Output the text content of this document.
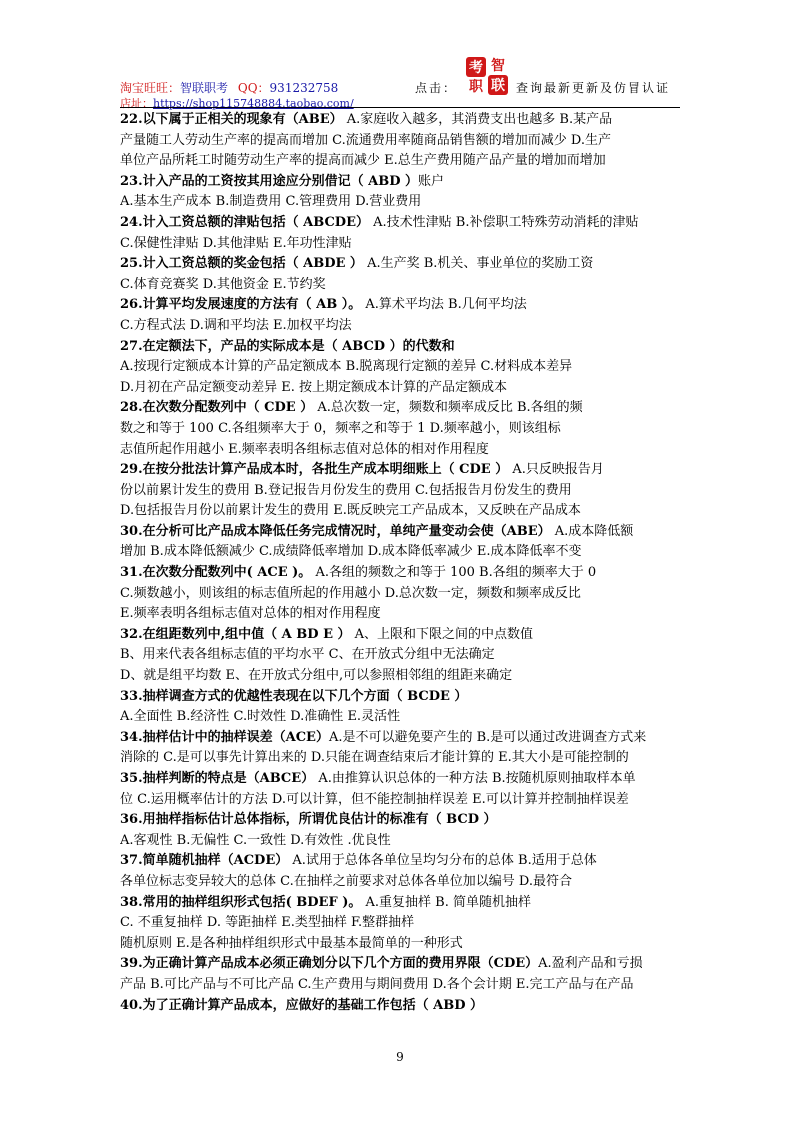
淘宝旺旺：智联职考 QQ：931232758	点击：
考 智
职 联 查询最新更新及仿冒认证
店址：https://shop115748884.taobao.com/
22.以下属于正相关的现象有（ABE） A.家庭收入越多，其消费支出也越多 B.某产品
产量随工人劳动生产率的提高而增加 C.流通费用率随商品销售额的增加而减少 D.生产
单位产品所耗工时随劳动生产率的提高而减少 E.总生产费用随产品产量的增加而增加
23.计入产品的工资按其用途应分别借记（ ABD ）账户
A.基本生产成本 B.制造费用 C.管理费用 D.营业费用
24.计入工资总额的津贴包括（ ABCDE） A.技术性津贴 B.补偿职工特殊劳动消耗的津贴
C.保健性津贴 D.其他津贴 E.年功性津贴
25.计入工资总额的奖金包括（ ABDE ） A.生产奖 B.机关、事业单位的奖励工资
C.体育竞赛奖 D.其他资金 E.节约奖
26.计算平均发展速度的方法有（ AB ）。 A.算术平均法 B.几何平均法
C.方程式法 D.调和平均法 E.加权平均法
27.在定额法下，产品的实际成本是（ ABCD ）的代数和
A.按现行定额成本计算的产品定额成本 B.脱离现行定额的差异 C.材料成本差异
D.月初在产品定额变动差异 E. 按上期定额成本计算的产品定额成本
28.在次数分配数列中（ CDE ） A.总次数一定，频数和频率成反比 B.各组的频
数之和等于 100 C.各组频率大于 0，频率之和等于 1 D.频率越小，则该组标
志值所起作用越小 E.频率表明各组标志值对总体的相对作用程度
29.在按分批法计算产品成本时，各批生产成本明细账上（ CDE ） A.只反映报告月
份以前累计发生的费用 B.登记报告月份发生的费用 C.包括报告月份发生的费用
D.包括报告月份以前累计发生的费用 E.既反映完工产品成本，又反映在产品成本
30.在分析可比产品成本降低任务完成情况时，单纯产量变动会使（ABE） A.成本降低额
增加 B.成本降低额减少 C.成绩降低率增加 D.成本降低率减少 E.成本降低率不变
31.在次数分配数列中( ACE )。 A.各组的频数之和等于 100 B.各组的频率大于 0
C.频数越小，则该组的标志值所起的作用越小 D.总次数一定，频数和频率成反比
E.频率表明各组标志值对总体的相对作用程度
32.在组距数列中,组中值（ A BD E ） A、上限和下限之间的中点数值
B、用来代表各组标志值的平均水平 C、在开放式分组中无法确定
D、就是组平均数 E、在开放式分组中,可以参照相邻组的组距来确定
33.抽样调查方式的优越性表现在以下几个方面（ BCDE ）
A.全面性 B.经济性 C.时效性 D.准确性 E.灵活性
34.抽样估计中的抽样误差（ACE）A.是不可以避免要产生的 B.是可以通过改进调查方式来
消除的 C.是可以事先计算出来的 D.只能在调查结束后才能计算的 E.其大小是可能控制的
35.抽样判断的特点是（ABCE） A.由推算认识总体的一种方法 B.按随机原则抽取样本单
位 C.运用概率估计的方法 D.可以计算，但不能控制抽样误差 E.可以计算并控制抽样误差
36.用抽样指标估计总体指标，所谓优良估计的标准有（ BCD ）
A.客观性 B.无偏性 C.一致性 D.有效性 .优良性
37.简单随机抽样（ACDE） A.试用于总体各单位呈均匀分布的总体 B.适用于总体
各单位标志变异较大的总体 C.在抽样之前要求对总体各单位加以编号 D.最符合
38.常用的抽样组织形式包括( BDEF )。 A.重复抽样 B. 简单随机抽样
C. 不重复抽样 D. 等距抽样 E.类型抽样 F.整群抽样
随机原则 E.是各种抽样组织形式中最基本最简单的一种形式
39.为正确计算产品成本必须正确划分以下几个方面的费用界限（CDE）A.盈利产品和亏损
产品 B.可比产品与不可比产品 C.生产费用与期间费用 D.各个会计期 E.完工产品与在产品
40.为了正确计算产品成本，应做好的基础工作包括（ ABD ）
9
